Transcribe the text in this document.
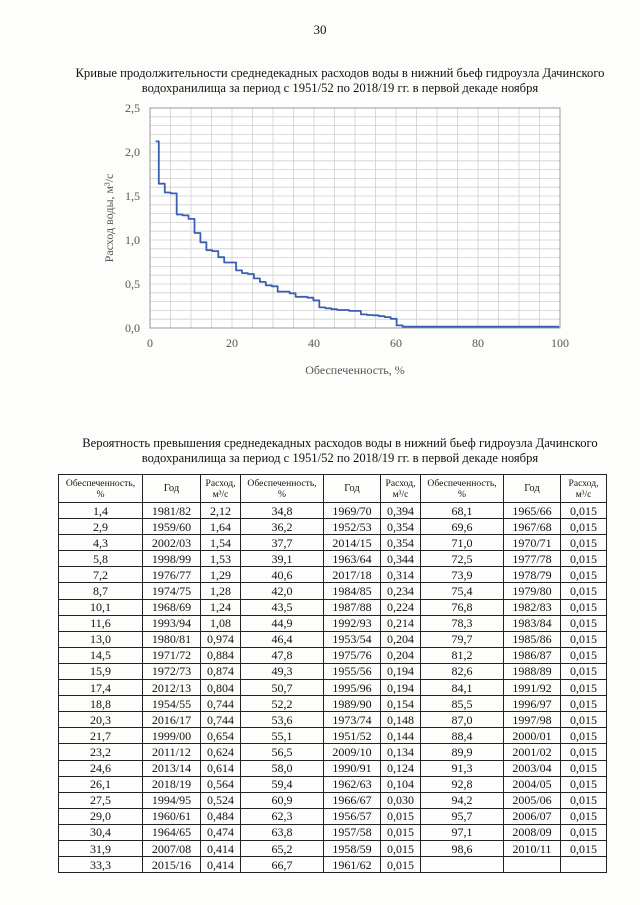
30
Кривые продолжительности среднедекадных расходов воды в нижний бьеф гидроузла Дачинского водохранилища за период с 1951/52 по 2018/19 гг. в первой декаде ноября
0	20	40	60	80	100
0,0
0,5
1,0
1,5
2,0
2,5
Обеспеченность, %
Расход воды, м³/с
Вероятность превышения среднедекадных расходов воды в нижний бьеф гидроузла Дачинского водохранилища за период с 1951/52 по 2018/19 гг. в первой декаде ноября
Обеспеченность,
%	Год	Расход,
м³/с	Обеспеченность,
%	Год	Расход,
м³/с	Обеспеченность,
%	Год	Расход,
м³/с
1,4	1981/82	2,12	34,8	1969/70	0,394	68,1	1965/66	0,015
2,9	1959/60	1,64	36,2	1952/53	0,354	69,6	1967/68	0,015
4,3	2002/03	1,54	37,7	2014/15	0,354	71,0	1970/71	0,015
5,8	1998/99	1,53	39,1	1963/64	0,344	72,5	1977/78	0,015
7,2	1976/77	1,29	40,6	2017/18	0,314	73,9	1978/79	0,015
8,7	1974/75	1,28	42,0	1984/85	0,234	75,4	1979/80	0,015
10,1	1968/69	1,24	43,5	1987/88	0,224	76,8	1982/83	0,015
11,6	1993/94	1,08	44,9	1992/93	0,214	78,3	1983/84	0,015
13,0	1980/81	0,974	46,4	1953/54	0,204	79,7	1985/86	0,015
14,5	1971/72	0,884	47,8	1975/76	0,204	81,2	1986/87	0,015
15,9	1972/73	0,874	49,3	1955/56	0,194	82,6	1988/89	0,015
17,4	2012/13	0,804	50,7	1995/96	0,194	84,1	1991/92	0,015
18,8	1954/55	0,744	52,2	1989/90	0,154	85,5	1996/97	0,015
20,3	2016/17	0,744	53,6	1973/74	0,148	87,0	1997/98	0,015
21,7	1999/00	0,654	55,1	1951/52	0,144	88,4	2000/01	0,015
23,2	2011/12	0,624	56,5	2009/10	0,134	89,9	2001/02	0,015
24,6	2013/14	0,614	58,0	1990/91	0,124	91,3	2003/04	0,015
26,1	2018/19	0,564	59,4	1962/63	0,104	92,8	2004/05	0,015
27,5	1994/95	0,524	60,9	1966/67	0,030	94,2	2005/06	0,015
29,0	1960/61	0,484	62,3	1956/57	0,015	95,7	2006/07	0,015
30,4	1964/65	0,474	63,8	1957/58	0,015	97,1	2008/09	0,015
31,9	2007/08	0,414	65,2	1958/59	0,015	98,6	2010/11	0,015
33,3	2015/16	0,414	66,7	1961/62	0,015			
